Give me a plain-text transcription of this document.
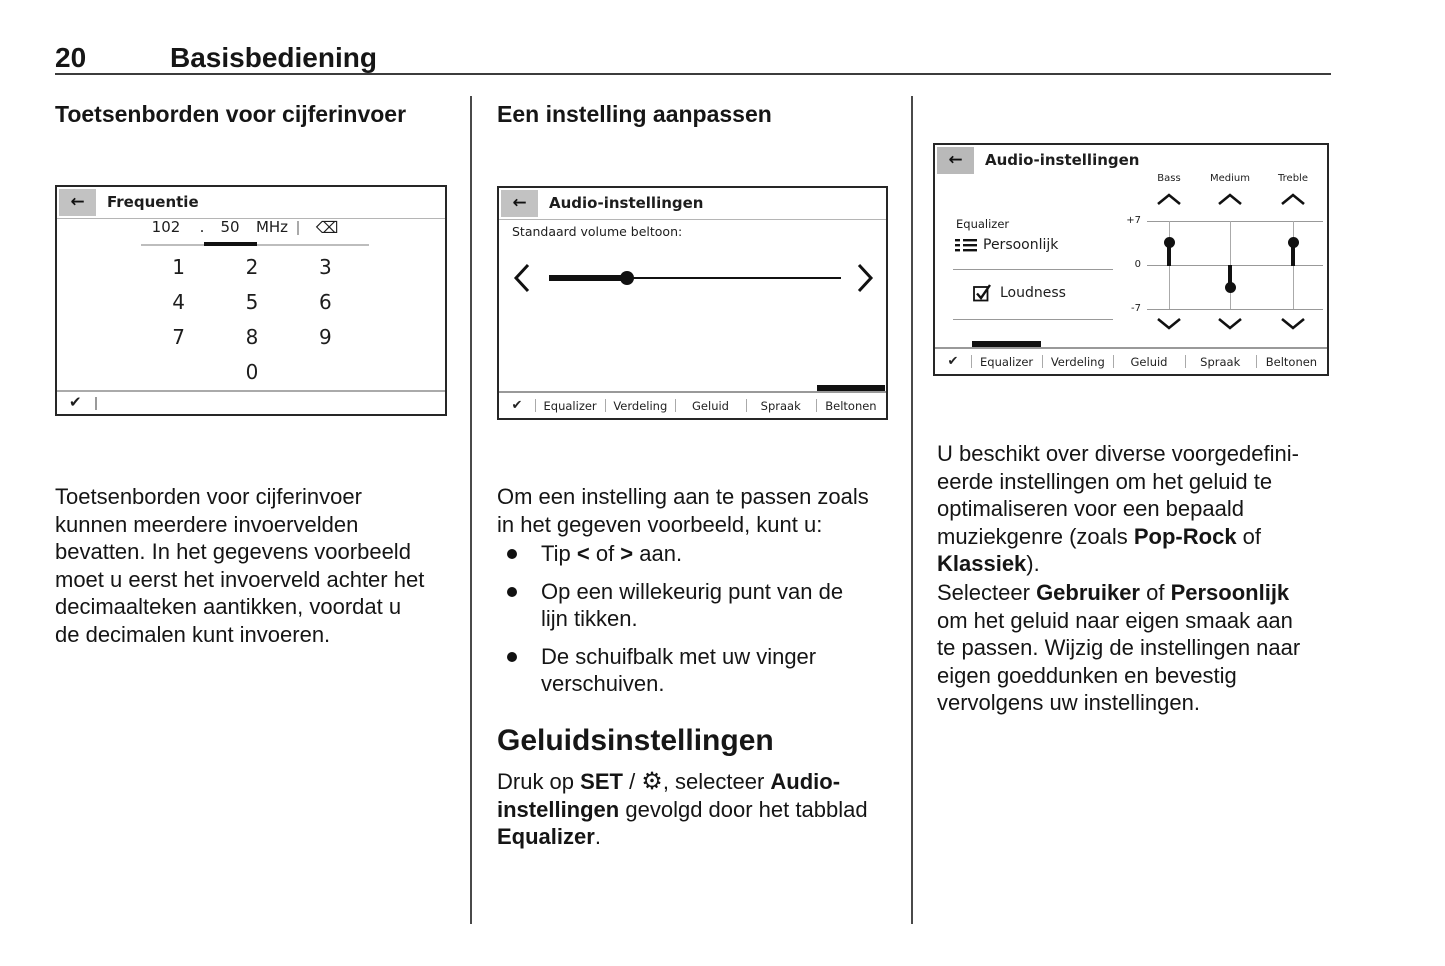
20	Basisbediening
Toetsenborden voor cijferinvoer	Een instelling aanpassen
←	Frequentie
102	.	50	MHz	⌫
1	2	3
4	5	6
7	8	9
0
✔
Toetsenborden voor cijferinvoer
kunnen meerdere invoervelden
bevatten. In het gegevens voorbeeld
moet u eerst het invoerveld achter het
decimaalteken aantikken, voordat u
de decimalen kunt invoeren.
←	Audio-instellingen
Standaard volume beltoon:
✔	Equalizer	Verdeling	Geluid	Spraak	Beltonen
Om een instelling aan te passen zoals
in het gegeven voorbeeld, kunt u:
Tip < of > aan.
Op een willekeurig punt van de
lijn tikken.
De schuifbalk met uw vinger
verschuiven.
Geluidsinstellingen
Druk op SET / ⚙, selecteer Audio-
instellingen gevolgd door het tabblad
Equalizer.
←	Audio-instellingen
Equalizer
Persoonlijk
Loudness
Bass	Medium	Treble
+7
0
-7
✔	Equalizer	Verdeling	Geluid	Spraak	Beltonen
U beschikt over diverse voorgedefini-
eerde instellingen om het geluid te
optimaliseren voor een bepaald
muziekgenre (zoals Pop-Rock of
Klassiek).
Selecteer Gebruiker of Persoonlijk
om het geluid naar eigen smaak aan
te passen. Wijzig de instellingen naar
eigen goeddunken en bevestig
vervolgens uw instellingen.
